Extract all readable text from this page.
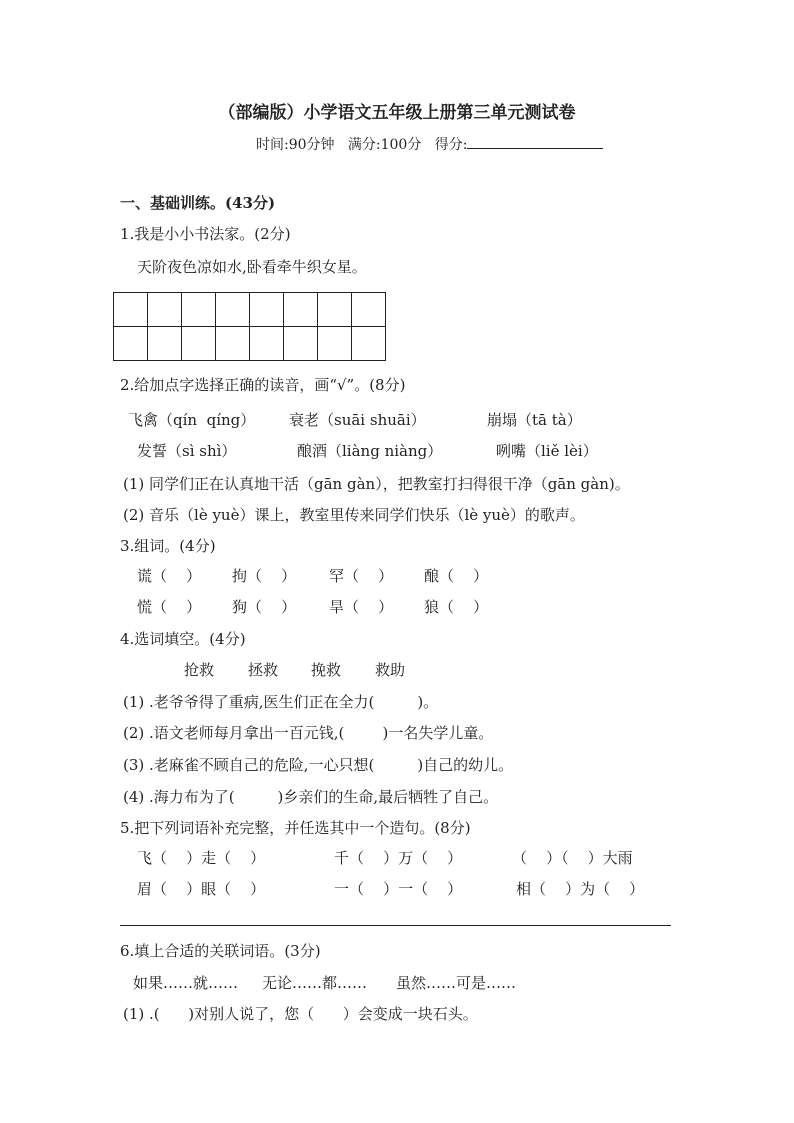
（部编版）小学语文五年级上册第三单元测试卷
时间:90分钟 满分:100分 得分:
一、基础训练。(43分)
1.我是小小书法家。(2分)
天阶夜色凉如水,卧看牵牛织女星。

2.给加点字选择正确的读音，画“√”。(8分)
飞禽（qín  qíng） 衰老（suāi shuāi）	崩塌（tā tà）
发誓（sì shì）	酿酒（liàng niàng）	咧嘴（liě lèi）
(1) 同学们正在认真地干活（gān gàn），把教室打扫得很干净（gān gàn)。
(2) 音乐（lè yuè）课上，教室里传来同学们快乐（lè yuè）的歌声。
3.组词。(4分)
谎（    ） 拘（    ） 罕（    ） 酿（    ）
慌（    ） 狗（    ） 旱（    ） 狼（    ）
4.选词填空。(4分)
抢救 拯救 挽救 救助
(1) .老爷爷得了重病,医生们正在全力(         )。
(2) .语文老师每月拿出一百元钱,(        )一名失学儿童。
(3) .老麻雀不顾自己的危险,一心只想(         )自己的幼儿。
(4) .海力布为了(         )乡亲们的生命,最后牺牲了自己。
5.把下列词语补充完整，并任选其中一个造句。(8分)
飞（    ）走（    ）	千（    ）万（    ）	（    ）（    ）大雨
眉（    ）眼（    ）	一（    ）一（    ）	相（    ）为（    ）
6.填上合适的关联词语。(3分)
如果……就…… 无论……都…… 虽然……可是……
(1) .(      )对别人说了，您（      ）会变成一块石头。
